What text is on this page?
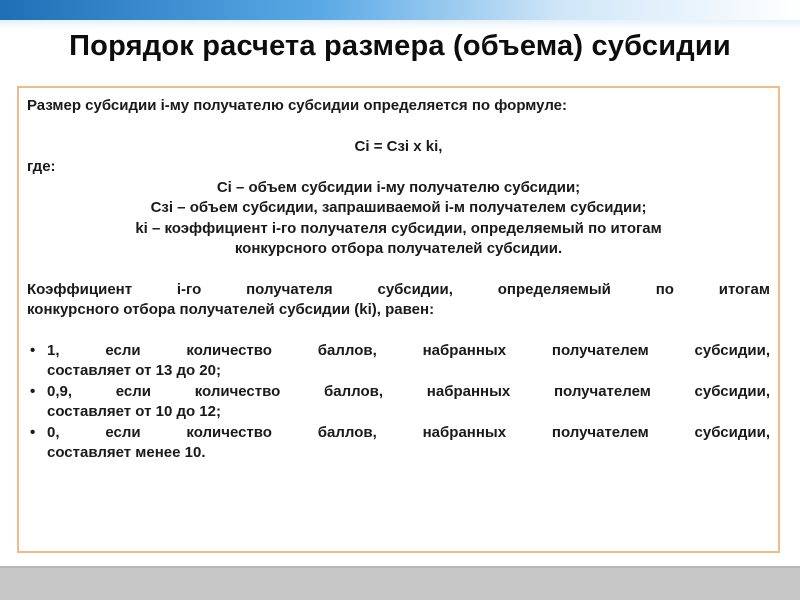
Порядок расчета размера (объема) субсидии
Размер субсидии i-му получателю субсидии определяется по формуле:
Ci = Сзi х ki,
где:
Ci – объем субсидии i-му получателю субсидии;
Сзi – объем субсидии, запрашиваемой i-м получателем субсидии;
ki – коэффициент i-го получателя субсидии, определяемый по итогам
конкурсного отбора получателей субсидии.
Коэффициент i-го получателя субсидии, определяемый по итогам
конкурсного отбора получателей субсидии (ki), равен:
• 1, если количество баллов, набранных получателем субсидии,
составляет от 13 до 20;
• 0,9, если количество баллов, набранных получателем субсидии,
составляет от 10 до 12;
• 0, если количество баллов, набранных получателем субсидии,
составляет менее 10.
